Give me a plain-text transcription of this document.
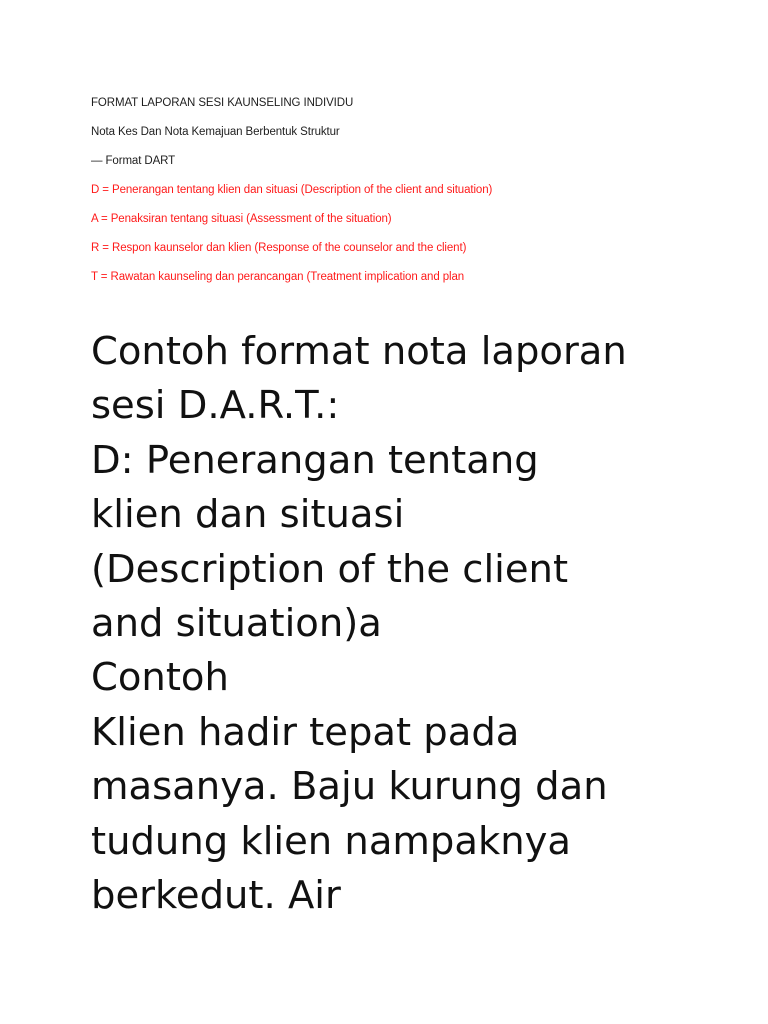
FORMAT LAPORAN SESI KAUNSELING INDIVIDU

Nota Kes Dan Nota Kemajuan Berbentuk Struktur

— Format DART

D = Penerangan tentang klien dan situasi (Description of the client and situation)

A = Penaksiran tentang situasi (Assessment of the situation)

R = Respon kaunselor dan klien (Response of the counselor and the client)

T = Rawatan kaunseling dan perancangan (Treatment implication and plan

Contoh format nota laporan
sesi D.A.R.T.:
D: Penerangan tentang
klien dan situasi
(Description of the client
and situation)a
Contoh
Klien hadir tepat pada
masanya. Baju kurung dan
tudung klien nampaknya
berkedut. Air
